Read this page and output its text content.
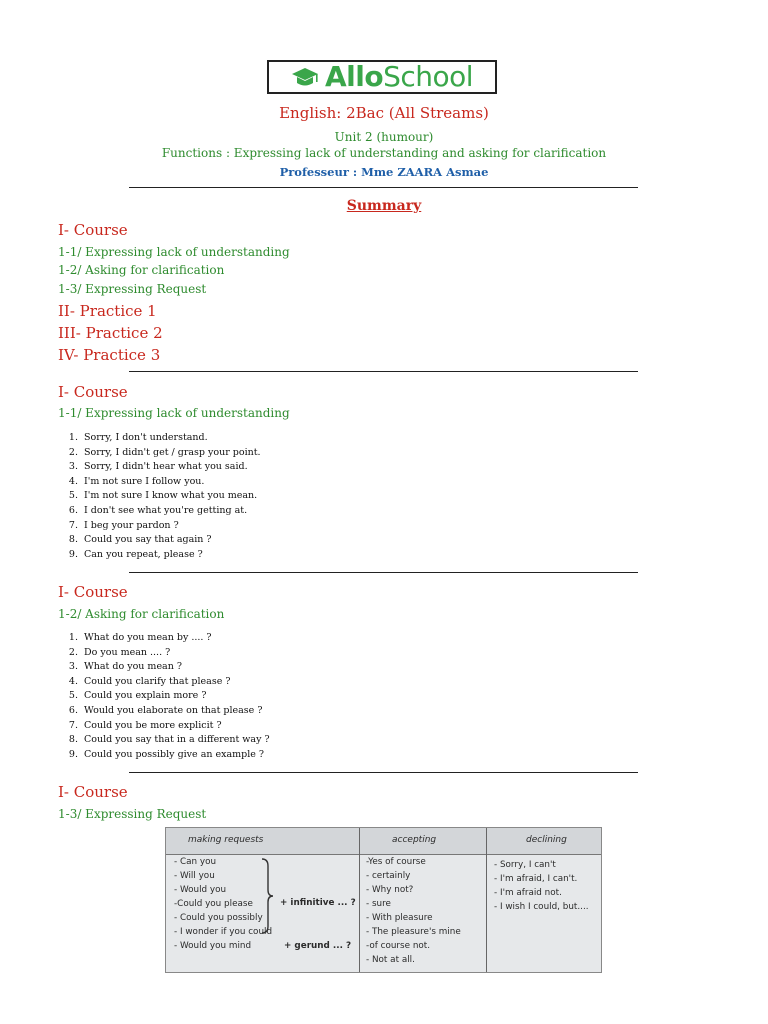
AlloSchool
English: 2Bac (All Streams)
Unit 2 (humour)
Functions : Expressing lack of understanding and asking for clarification
Professeur : Mme ZAARA Asmae
Summary
I- Course
1-1/ Expressing lack of understanding
1-2/ Asking for clarification
1-3/ Expressing Request
II- Practice 1
III- Practice 2
IV- Practice 3
I- Course
1-1/ Expressing lack of understanding
1. Sorry, I don't understand.
2. Sorry, I didn't get / grasp your point.
3. Sorry, I didn't hear what you said.
4. I'm not sure I follow you.
5. I'm not sure I know what you mean.
6. I don't see what you're getting at.
7. I beg your pardon ?
8. Could you say that again ?
9. Can you repeat, please ?
I- Course
1-2/ Asking for clarification
1. What do you mean by .... ?
2. Do you mean .... ?
3. What do you mean ?
4. Could you clarify that please ?
5. Could you explain more ?
6. Would you elaborate on that please ?
7. Could you be more explicit ?
8. Could you say that in a different way ?
9. Could you possibly give an example ?
I- Course
1-3/ Expressing Request
making requests	accepting	declining
- Can you
- Will you
- Would you
-Could you please
- Could you possibly
- I wonder if you could
- Would you mind
+ infinitive ... ?
+ gerund ... ?
-Yes of course
- certainly
- Why not?
- sure
- With pleasure
- The pleasure's mine
-of course not.
- Not at all.
- Sorry, I can't
- I'm afraid, I can't.
- I'm afraid not.
- I wish I could, but....
